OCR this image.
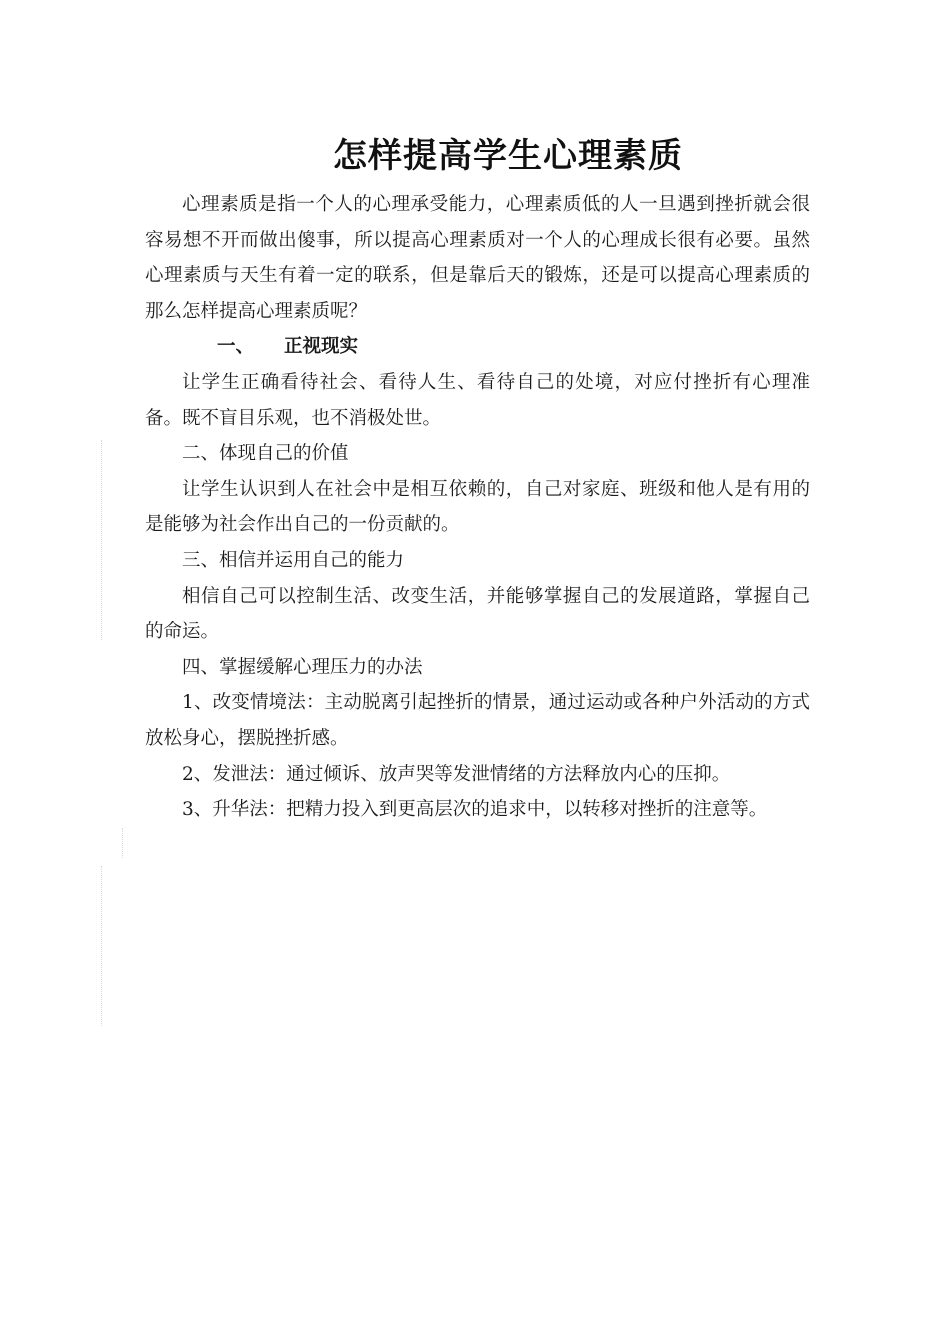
怎样提高学生心理素质

心理素质是指一个人的心理承受能力，心理素质低的人一旦遇到挫折就会很容易想不开而做出傻事，所以提高心理素质对一个人的心理成长很有必要。虽然心理素质与天生有着一定的联系，但是靠后天的锻炼，还是可以提高心理素质的那么怎样提高心理素质呢？

一、 正视现实

让学生正确看待社会、看待人生、看待自己的处境，对应付挫折有心理准备。既不盲目乐观，也不消极处世。

二、体现自己的价值

让学生认识到人在社会中是相互依赖的，自己对家庭、班级和他人是有用的是能够为社会作出自己的一份贡献的。

三、相信并运用自己的能力

相信自己可以控制生活、改变生活，并能够掌握自己的发展道路，掌握自己的命运。

四、掌握缓解心理压力的办法

1、改变情境法：主动脱离引起挫折的情景，通过运动或各种户外活动的方式放松身心，摆脱挫折感。

2、发泄法：通过倾诉、放声哭等发泄情绪的方法释放内心的压抑。

3、升华法：把精力投入到更高层次的追求中，以转移对挫折的注意等。
